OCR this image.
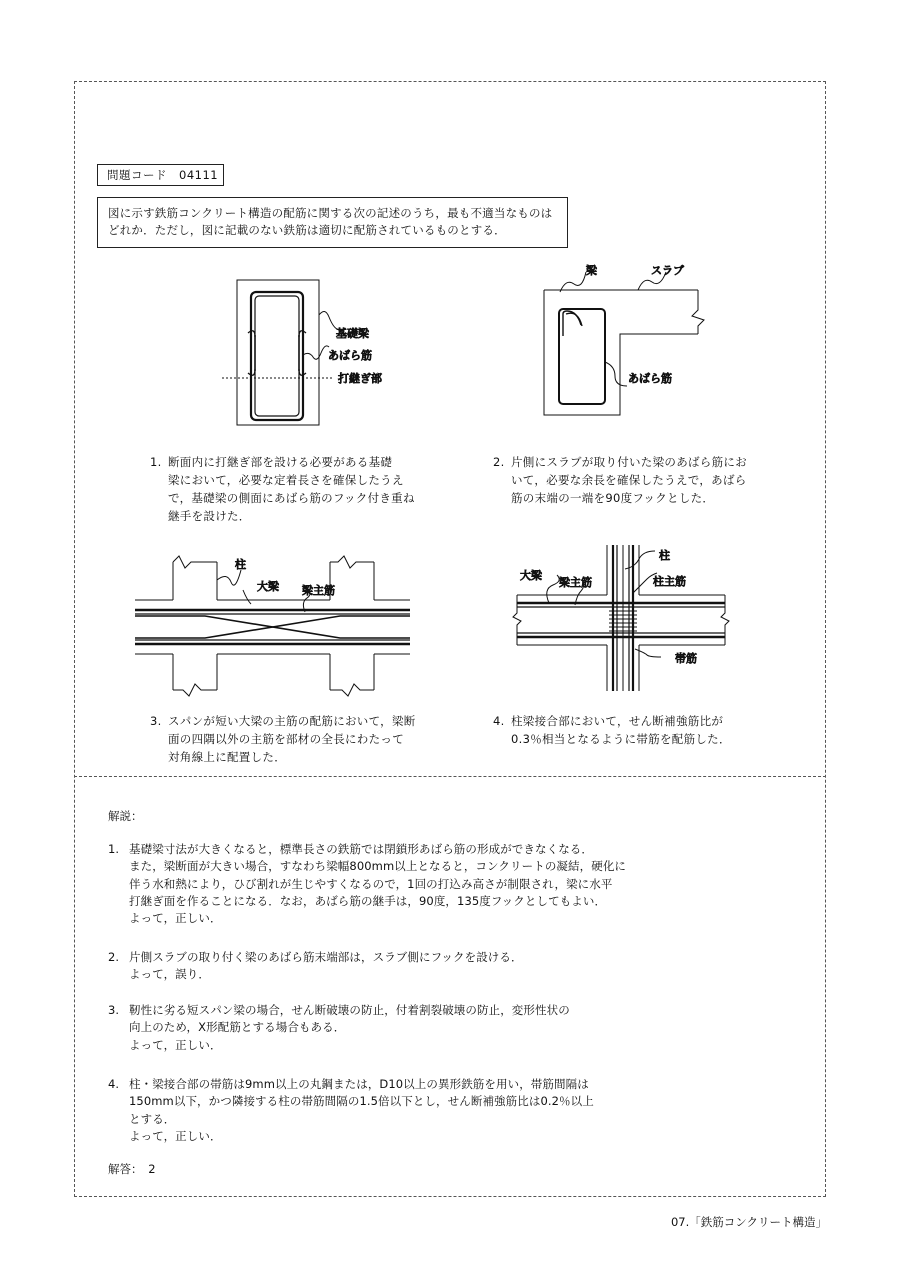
問題コード　04111
図に示す鉄筋コンクリート構造の配筋に関する次の記述のうち，最も不適当なものは
どれか．ただし，図に記載のない鉄筋は適切に配筋されているものとする．
基礎梁
あばら筋
打継ぎ部
梁	スラブ
あばら筋
1. 断面内に打継ぎ部を設ける必要がある基礎
梁において，必要な定着長さを確保したうえ
で，基礎梁の側面にあばら筋のフック付き重ね
継手を設けた．
2. 片側にスラブが取り付いた梁のあばら筋にお
いて，必要な余長を確保したうえで，あばら
筋の末端の一端を90度フックとした．
柱
大梁 梁主筋
柱
大梁
梁主筋	柱主筋
帯筋
3. スパンが短い大梁の主筋の配筋において，梁断
面の四隅以外の主筋を部材の全長にわたって
対角線上に配置した．
4. 柱梁接合部において，せん断補強筋比が
0.3％相当となるように帯筋を配筋した．
解説：
1. 基礎梁寸法が大きくなると，標準長さの鉄筋では閉鎖形あばら筋の形成ができなくなる．
また，梁断面が大きい場合，すなわち梁幅800mm以上となると，コンクリートの凝結，硬化に
伴う水和熱により，ひび割れが生じやすくなるので，1回の打込み高さが制限され，梁に水平
打継ぎ面を作ることになる．なお，あばら筋の継手は，90度，135度フックとしてもよい．
よって，正しい．
2. 片側スラブの取り付く梁のあばら筋末端部は，スラブ側にフックを設ける．
よって，誤り．
3. 靭性に劣る短スパン梁の場合，せん断破壊の防止，付着割裂破壊の防止，変形性状の
向上のため，X形配筋とする場合もある．
よって，正しい．
4. 柱・梁接合部の帯筋は9mm以上の丸鋼または，D10以上の異形鉄筋を用い，帯筋間隔は
150mm以下，かつ隣接する柱の帯筋間隔の1.5倍以下とし，せん断補強筋比は0.2％以上
とする．
よって，正しい．
解答：　2
07.「鉄筋コンクリート構造」
